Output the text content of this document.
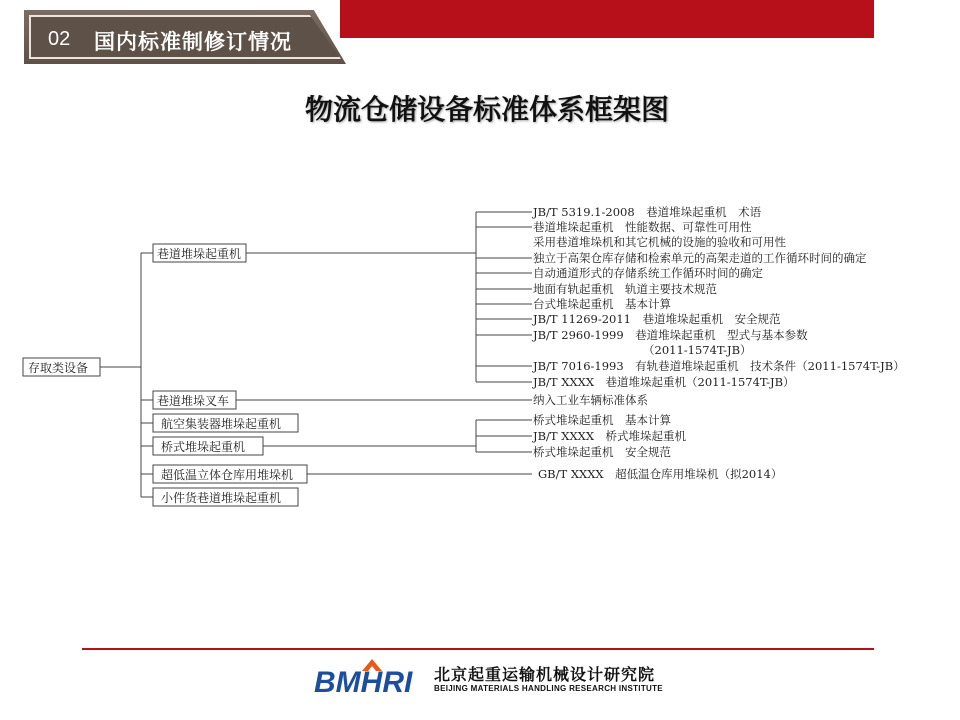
02 国内标准制修订情况
物流仓储设备标准体系框架图
存取类设备
巷道堆垛起重机
巷道堆垛叉车
航空集装器堆垛起重机
桥式堆垛起重机
超低温立体仓库用堆垛机
小件货巷道堆垛起重机
JB/T 5319.1-2008　巷道堆垛起重机　术语
巷道堆垛起重机　性能数据、可靠性可用性
采用巷道堆垛机和其它机械的设施的验收和可用性
独立于高架仓库存储和检索单元的高架走道的工作循环时间的确定
自动通道形式的存储系统工作循环时间的确定
地面有轨起重机　轨道主要技术规范
台式堆垛起重机　基本计算
JB/T 11269-2011　巷道堆垛起重机　安全规范
JB/T 2960-1999　巷道堆垛起重机　型式与基本参数
（2011-1574T-JB）
JB/T 7016-1993　有轨巷道堆垛起重机　技术条件（2011-1574T-JB）
JB/T XXXX　巷道堆垛起重机（2011-1574T-JB）
纳入工业车辆标准体系
桥式堆垛起重机　基本计算
JB/T XXXX　桥式堆垛起重机
桥式堆垛起重机　安全规范
GB/T XXXX　超低温仓库用堆垛机（拟2014）
BMHRI 北京起重运输机械设计研究院
BEIJING MATERIALS HANDLING RESEARCH INSTITUTE
